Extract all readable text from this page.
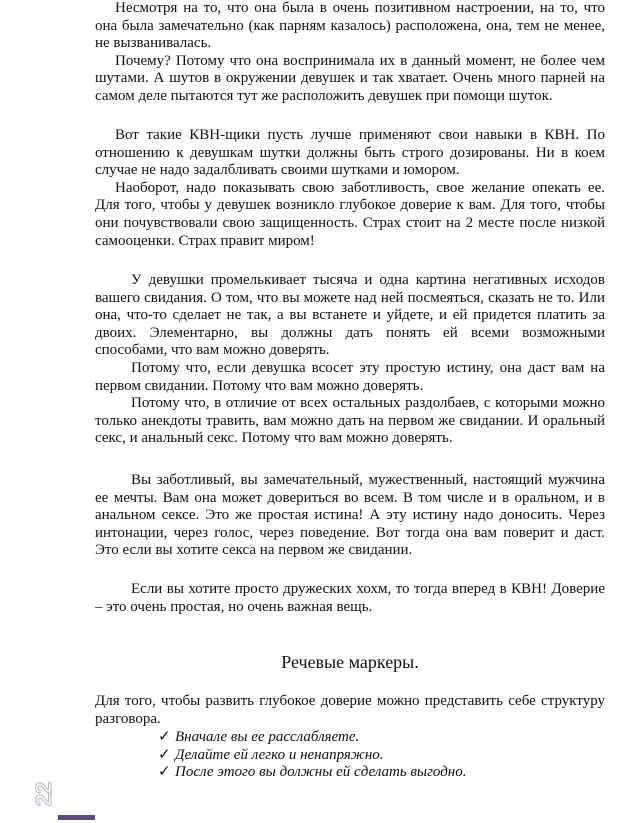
Несмотря на то, что она была в очень позитивном настроении, на то, что она была замечательно (как парням казалось) расположена, она, тем не менее, не вызванивалась.

Почему? Потому что она воспринимала их в данный момент, не более чем шутами. А шутов в окружении девушек и так хватает. Очень много парней на самом деле пытаются тут же расположить девушек при помощи шуток.

Вот такие КВН-щики пусть лучше применяют свои навыки в КВН. По отношению к девушкам шутки должны быть строго дозированы. Ни в коем случае не надо задалбливать своими шутками и юмором.

Наоборот, надо показывать свою заботливость, свое желание опекать ее. Для того, чтобы у девушек возникло глубокое доверие к вам. Для того, чтобы они почувствовали свою защищенность. Страх стоит на 2 месте после низкой самооценки. Страх правит миром!

У девушки промелькивает тысяча и одна картина негативных исходов вашего свидания. О том, что вы можете над ней посмеяться, сказать не то. Или она, что-то сделает не так, а вы встанете и уйдете, и ей придется платить за двоих. Элементарно, вы должны дать понять ей всеми возможными способами, что вам можно доверять.

Потому что, если девушка всосет эту простую истину, она даст вам на первом свидании. Потому что вам можно доверять.

Потому что, в отличие от всех остальных раздолбаев, с которыми можно только анекдоты травить, вам можно дать на первом же свидании. И оральный секс, и анальный секс. Потому что вам можно доверять.

Вы заботливый, вы замечательный, мужественный, настоящий мужчина ее мечты. Вам она может довериться во всем. В том числе и в оральном, и в анальном сексе. Это же простая истина! А эту истину надо доносить. Через интонации, через голос, через поведение. Вот тогда она вам поверит и даст. Это если вы хотите секса на первом же свидании.

Если вы хотите просто дружеских хохм, то тогда вперед в КВН! Доверие – это очень простая, но очень важная вещь.

Речевые маркеры.

Для того, чтобы развить глубокое доверие можно представить себе структуру разговора.

✓ Вначале вы ее расслабляете.
✓ Делайте ей легко и ненапряжно.
✓ После этого вы должны ей сделать выгодно.
22
